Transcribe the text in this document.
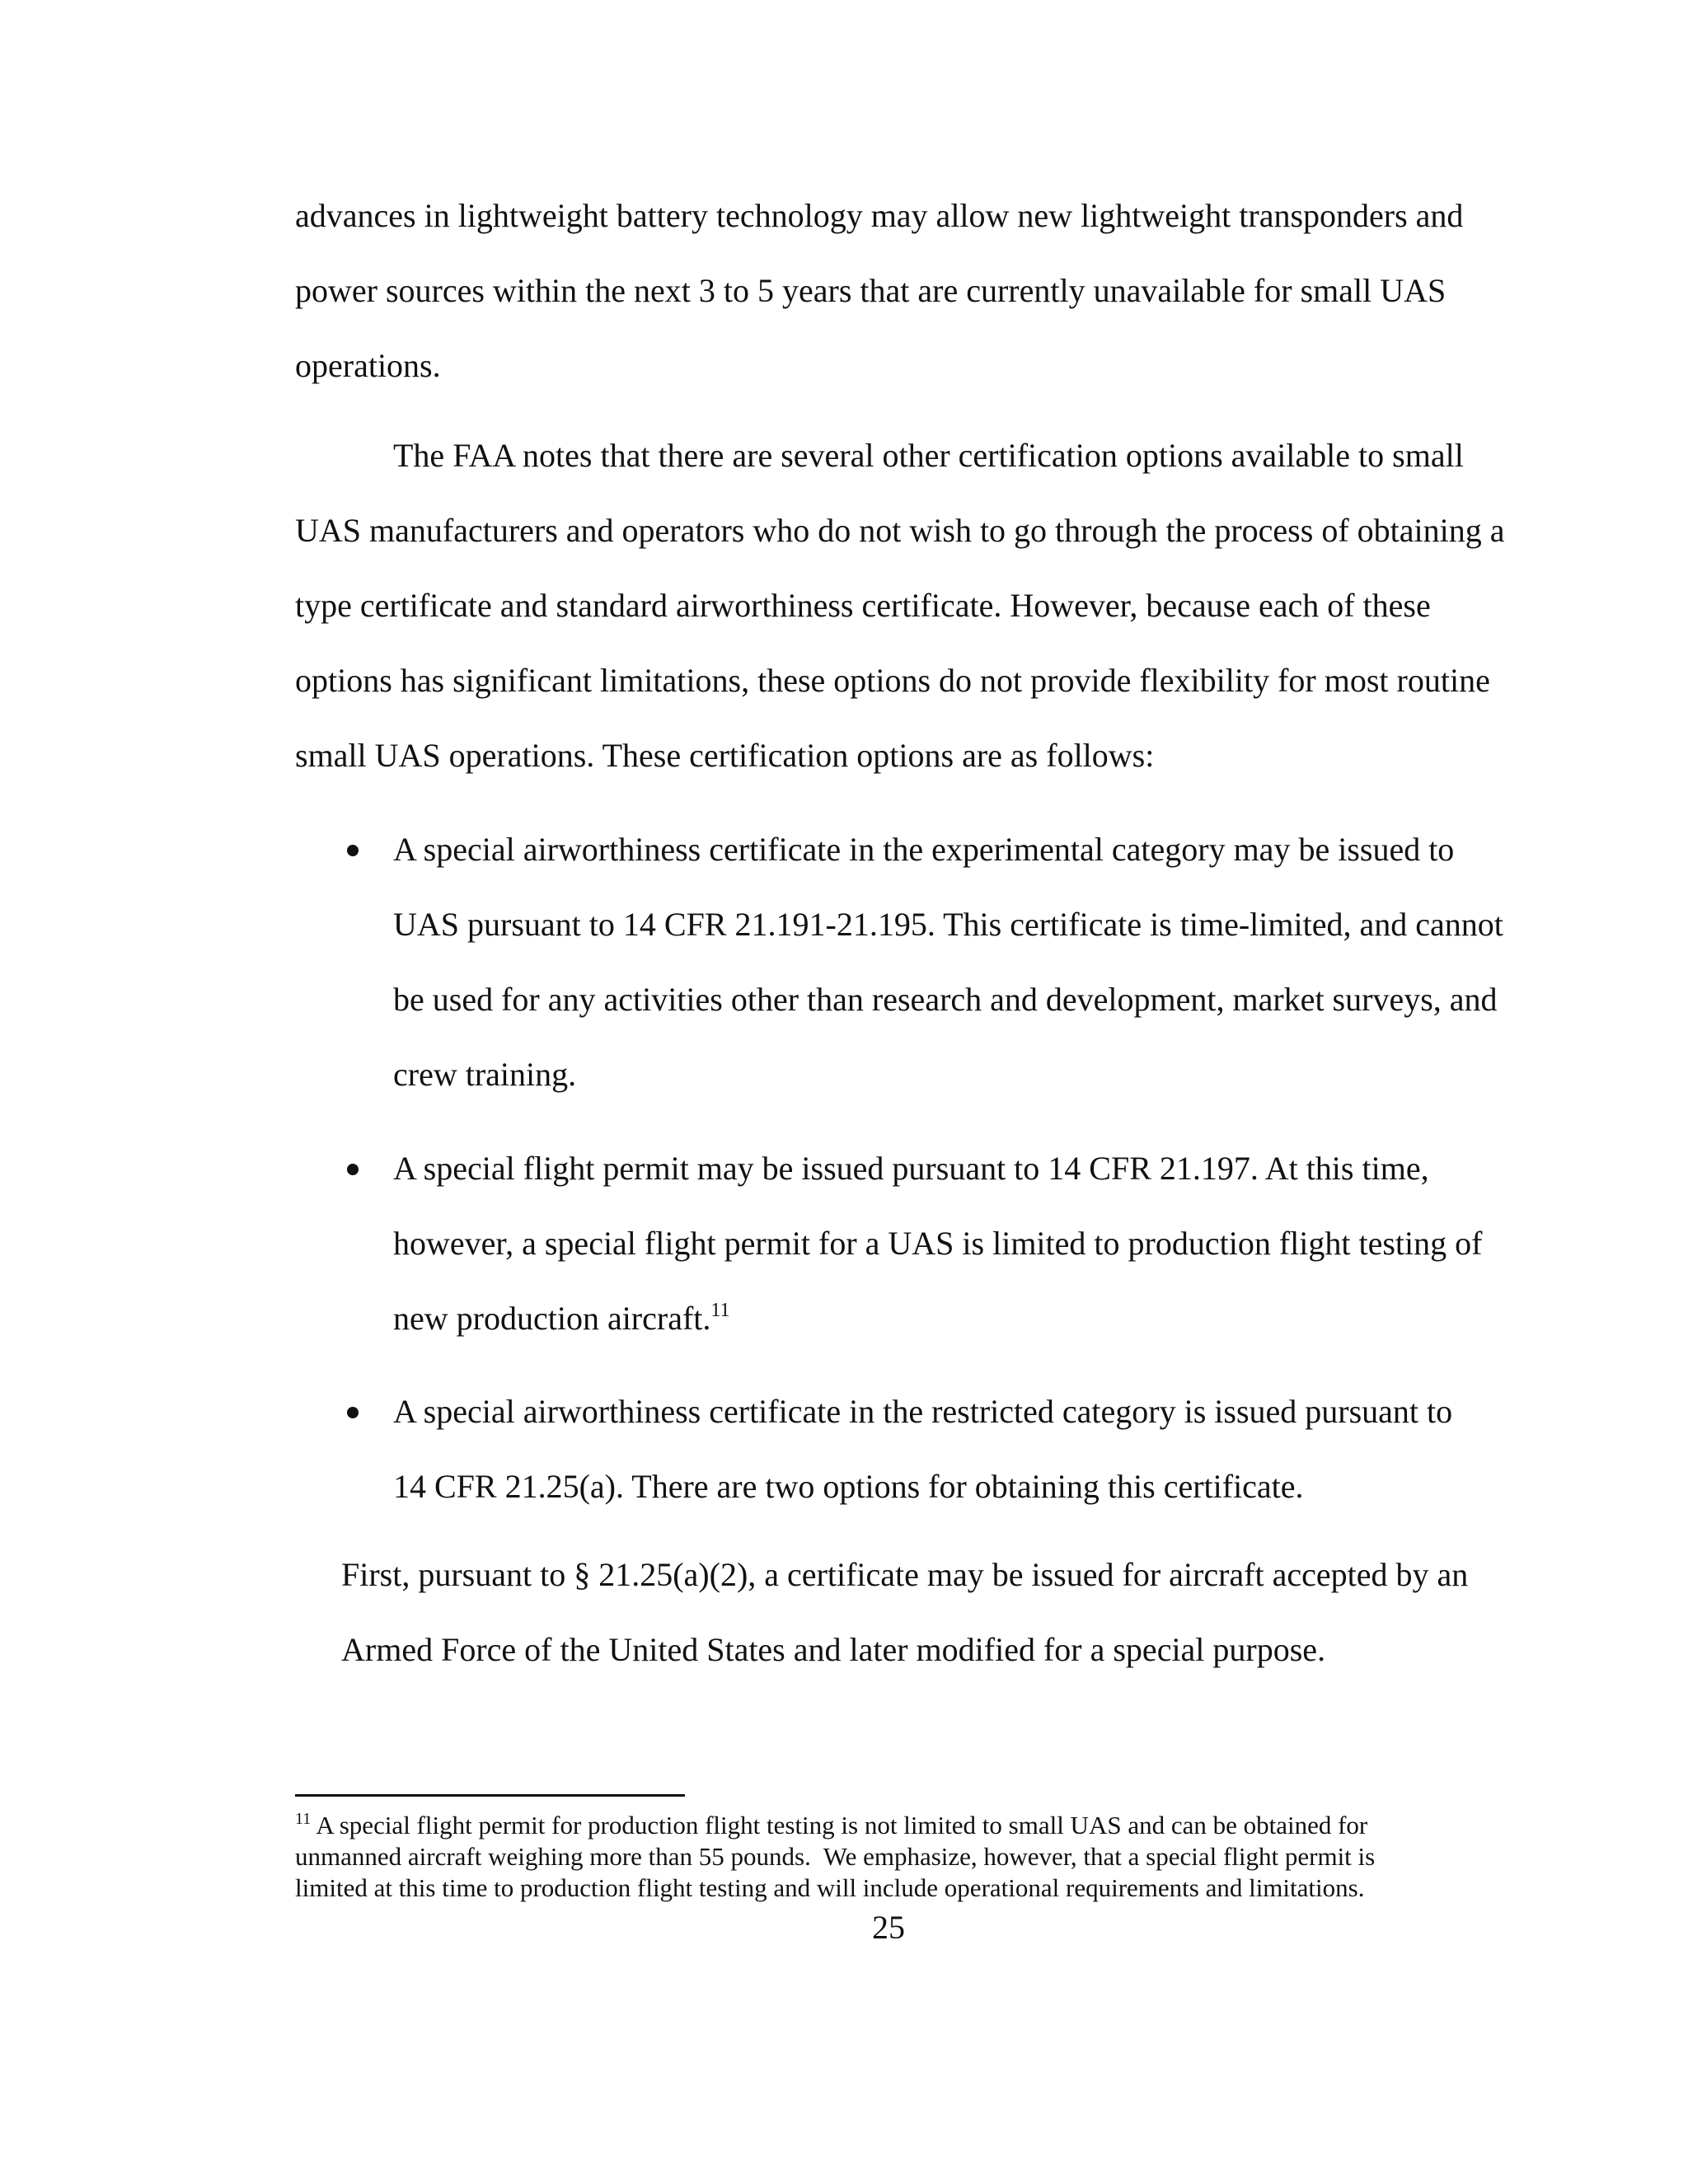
advances in lightweight battery technology may allow new lightweight transponders and
power sources within the next 3 to 5 years that are currently unavailable for small UAS
operations.
The FAA notes that there are several other certification options available to small
UAS manufacturers and operators who do not wish to go through the process of obtaining a
type certificate and standard airworthiness certificate. However, because each of these
options has significant limitations, these options do not provide flexibility for most routine
small UAS operations. These certification options are as follows:
A special airworthiness certificate in the experimental category may be issued to
UAS pursuant to 14 CFR 21.191-21.195. This certificate is time-limited, and cannot
be used for any activities other than research and development, market surveys, and
crew training.
A special flight permit may be issued pursuant to 14 CFR 21.197. At this time,
however, a special flight permit for a UAS is limited to production flight testing of
new production aircraft.$^{11}$
A special airworthiness certificate in the restricted category is issued pursuant to
14 CFR 21.25(a). There are two options for obtaining this certificate.
First, pursuant to § 21.25(a)(2), a certificate may be issued for aircraft accepted by an
Armed Force of the United States and later modified for a special purpose.
$^{11}$ A special flight permit for production flight testing is not limited to small UAS and can be obtained for
unmanned aircraft weighing more than 55 pounds.  We emphasize, however, that a special flight permit is
limited at this time to production flight testing and will include operational requirements and limitations.
25
